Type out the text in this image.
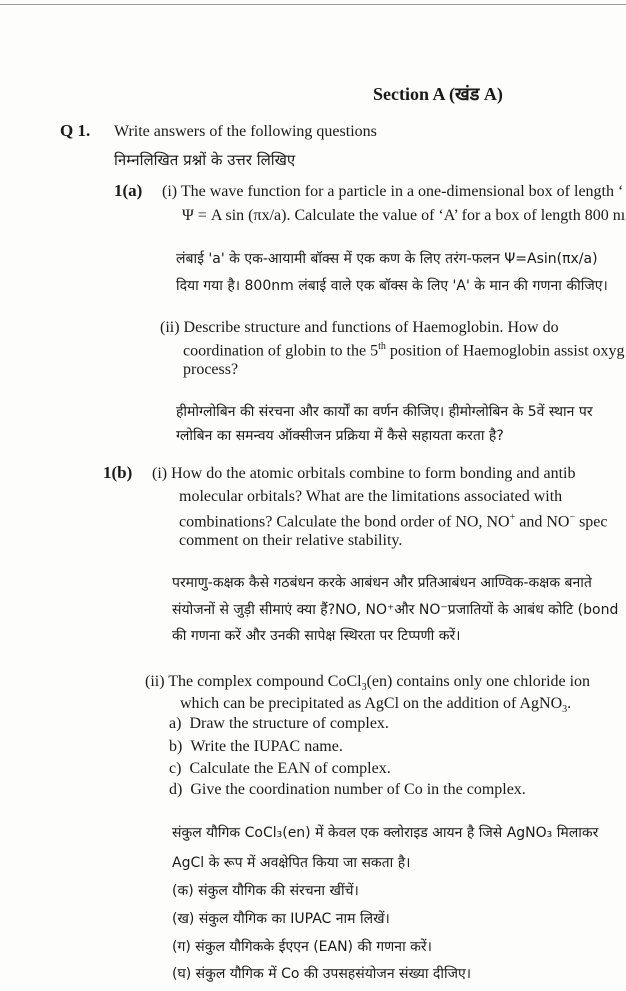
Section A (खंड A)
Q 1. Write answers of the following questions
निम्नलिखित प्रश्नों के उत्तर लिखिए
1(a) (i) The wave function for a particle in a one-dimensional box of length ‘
Ψ = A sin (πx/a). Calculate the value of ‘A’ for a box of length 800 nı
लंबाई 'a' के एक-आयामी बॉक्स में एक कण के लिए तरंग-फलन Ψ=Asin(πx/a)
दिया गया है। 800nm लंबाई वाले एक बॉक्स के लिए 'A' के मान की गणना कीजिए।
(ii) Describe structure and functions of Haemoglobin. How do
coordination of globin to the 5th position of Haemoglobin assist oxyg
process?
हीमोग्लोबिन की संरचना और कार्यों का वर्णन कीजिए। हीमोग्लोबिन के 5वें स्थान पर
ग्लोबिन का समन्वय ऑक्सीजन प्रक्रिया में कैसे सहायता करता है?
1(b) (i) How do the atomic orbitals combine to form bonding and antib
molecular orbitals? What are the limitations associated with
combinations? Calculate the bond order of NO, NO+ and NO− spec
comment on their relative stability.
परमाणु-कक्षक कैसे गठबंधन करके आबंधन और प्रतिआबंधन आण्विक-कक्षक बनाते
संयोजनों से जुड़ी सीमाएं क्या हैं?NO, NO⁺और NO⁻प्रजातियों के आबंध कोटि (bond
की गणना करें और उनकी सापेक्ष स्थिरता पर टिप्पणी करें।
(ii) The complex compound CoCl$_3$(en) contains only one chloride ion
which can be precipitated as AgCl on the addition of AgNO$_3$.
a) Draw the structure of complex.
b) Write the IUPAC name.
c) Calculate the EAN of complex.
d) Give the coordination number of Co in the complex.
संकुल यौगिक CoCl₃(en) में केवल एक क्लोराइड आयन है जिसे AgNO₃ मिलाकर
AgCl के रूप में अवक्षेपित किया जा सकता है।
(क) संकुल यौगिक की संरचना खींचें।
(ख) संकुल यौगिक का IUPAC नाम लिखें।
(ग) संकुल यौगिकके ईएएन (EAN) की गणना करें।
(घ) संकुल यौगिक में Co की उपसहसंयोजन संख्या दीजिए।
